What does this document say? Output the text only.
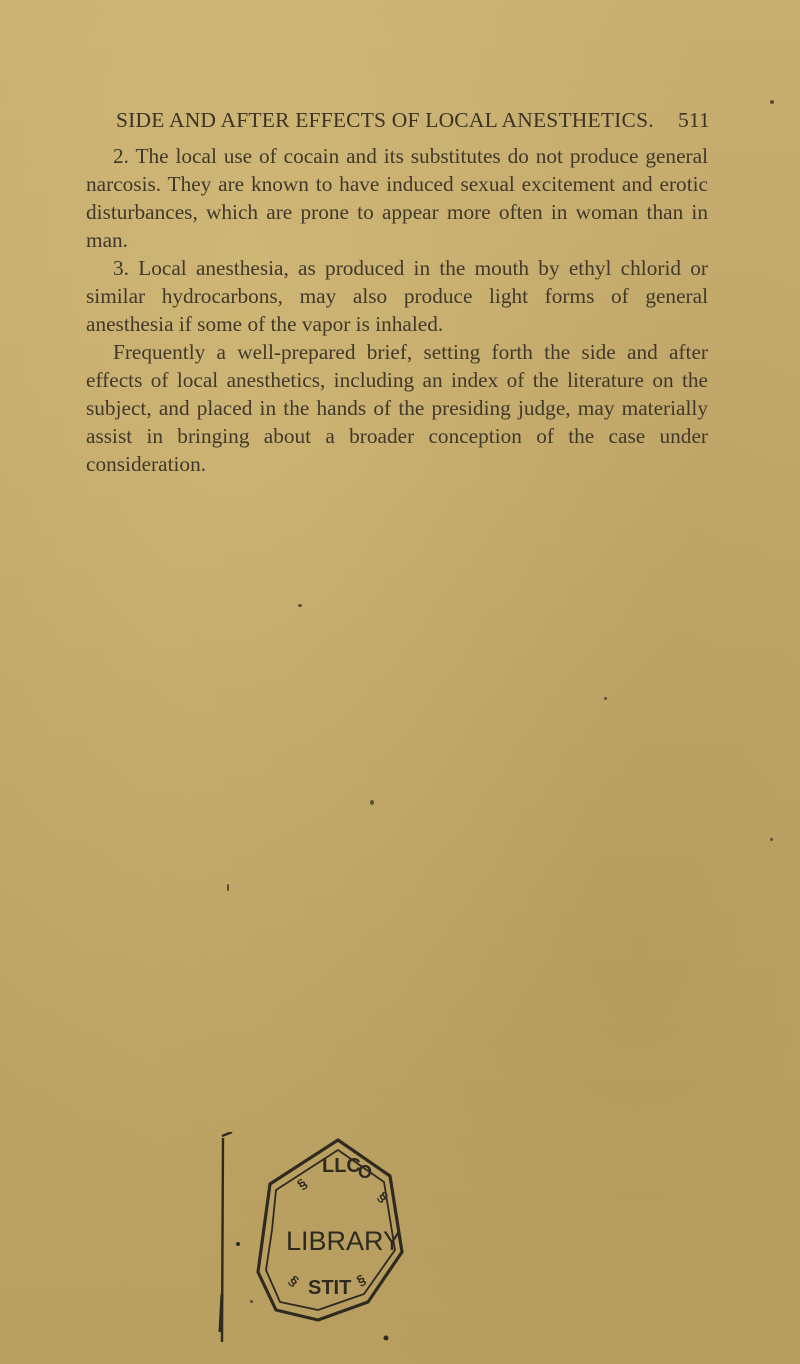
SIDE AND AFTER EFFECTS OF LOCAL ANESTHETICS. 511

2. The local use of cocain and its substitutes do not produce general narcosis. They are known to have induced sexual excitement and erotic disturbances, which are prone to appear more often in woman than in man.

3. Local anesthesia, as produced in the mouth by ethyl chlorid or similar hydrocarbons, may also produce light forms of general anesthesia if some of the vapor is inhaled.

Frequently a well-prepared brief, setting forth the side and after effects of local anesthetics, including an index of the literature on the subject, and placed in the hands of the presiding judge, may materially assist in bringing about a broader conception of the case under consideration.

LLC
O
§
§
STIT
§	§
LIBRARY
